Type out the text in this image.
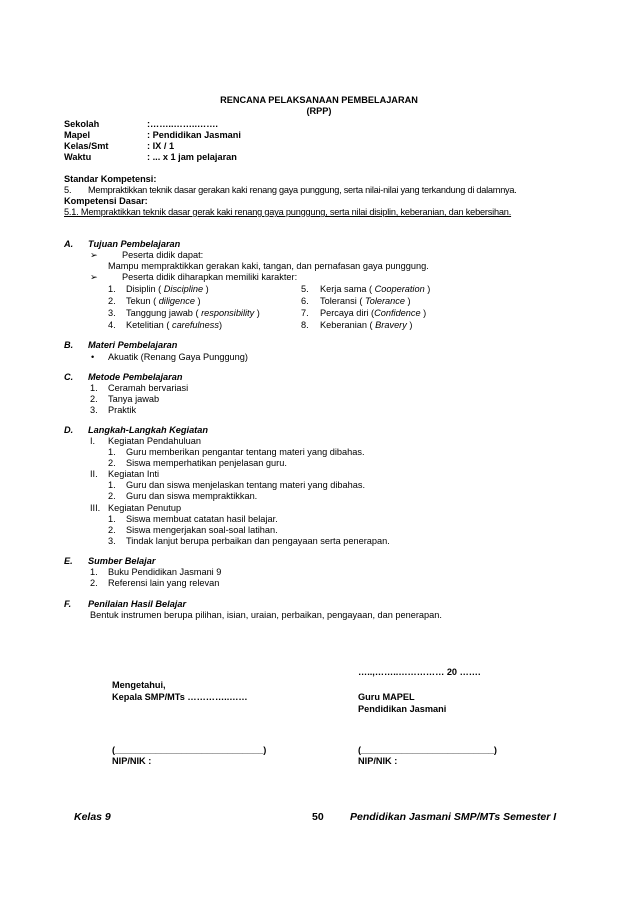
RENCANA PELAKSANAAN PEMBELAJARAN
(RPP)
Sekolah	:……..……..…….
Mapel	: Pendidikan Jasmani
Kelas/Smt	: IX / 1
Waktu	: ... x 1 jam pelajaran
Standar Kompetensi:
5. Mempraktikkan teknik dasar gerakan kaki renang gaya punggung, serta nilai-nilai yang terkandung di dalamnya.
Kompetensi Dasar:
5.1. Mempraktikkan teknik dasar gerak kaki renang gaya punggung, serta nilai disiplin, keberanian, dan kebersihan.
A. Tujuan Pembelajaran
➢	Peserta didik dapat:
Mampu mempraktikkan gerakan kaki, tangan, dan pernafasan gaya punggung.
➢	Peserta didik diharapkan memiliki karakter:
1. Disiplin ( Discipline )
2. Tekun ( diligence )
3. Tanggung jawab ( responsibility )
4. Ketelitian ( carefulness)
5. Kerja sama ( Cooperation )
6. Toleransi ( Tolerance )
7. Percaya diri (Confidence )
8. Keberanian ( Bravery )
B. Materi Pembelajaran
• Akuatik (Renang Gaya Punggung)
C. Metode Pembelajaran
1. Ceramah bervariasi
2. Tanya jawab
3. Praktik
D. Langkah-Langkah Kegiatan
I. Kegiatan Pendahuluan
1. Guru memberikan pengantar tentang materi yang dibahas.
2. Siswa memperhatikan penjelasan guru.
II. Kegiatan Inti
1. Guru dan siswa menjelaskan tentang materi yang dibahas.
2. Guru dan siswa mempraktikkan.
III. Kegiatan Penutup
1. Siswa membuat catatan hasil belajar.
2. Siswa mengerjakan soal-soal latihan.
3. Tindak lanjut berupa perbaikan dan pengayaan serta penerapan.
E. Sumber Belajar
1. Buku Pendidikan Jasmani 9
2. Referensi lain yang relevan
F. Penilaian Hasil Belajar
Bentuk instrumen berupa pilihan, isian, uraian, perbaikan, pengayaan, dan penerapan.
…..,……..…………… 20 …….
Mengetahui,
Kepala SMP/MTs …………..……	Guru MAPEL
Pendidikan Jasmani
(_____________________________)	(__________________________)
NIP/NIK :	NIP/NIK :
Kelas 9	50	Pendidikan Jasmani SMP/MTs Semester I
